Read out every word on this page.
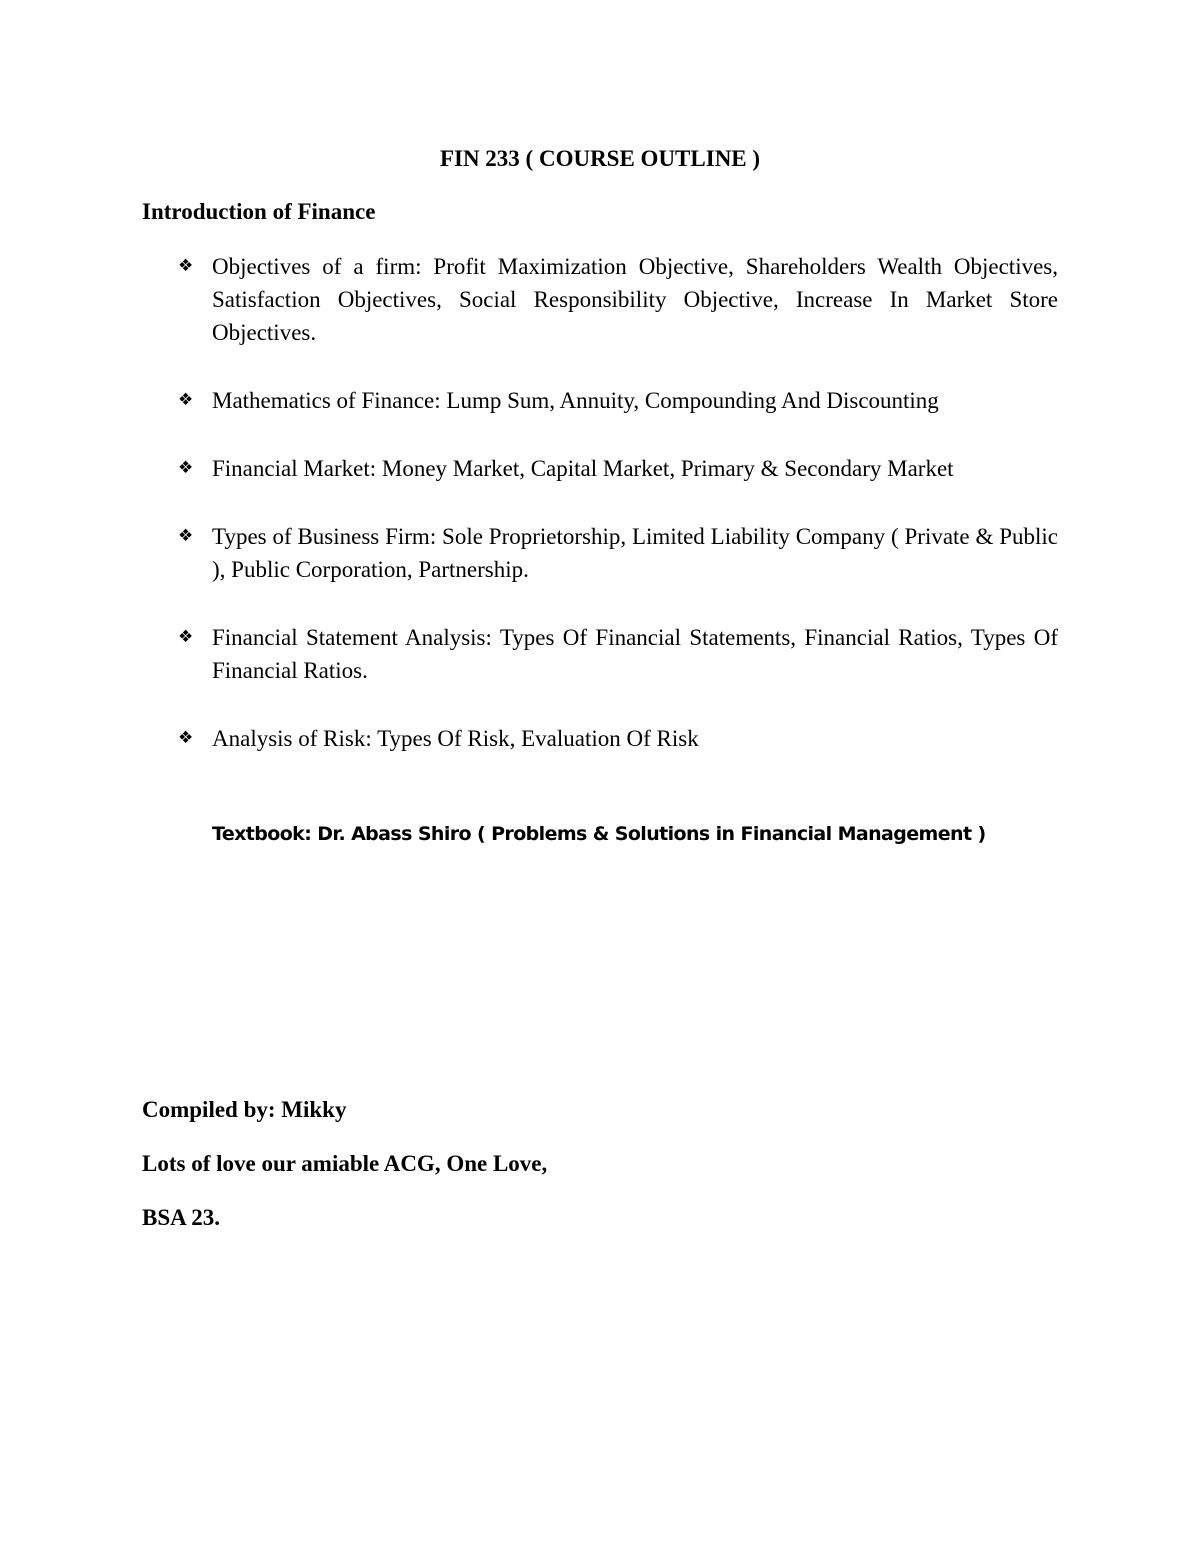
FIN 233 ( COURSE OUTLINE )
Introduction of Finance
❖ Objectives of a firm: Profit Maximization Objective, Shareholders Wealth Objectives, Satisfaction Objectives, Social Responsibility Objective, Increase In Market Store Objectives.
❖ Mathematics of Finance: Lump Sum, Annuity, Compounding And Discounting
❖ Financial Market: Money Market, Capital Market, Primary & Secondary Market
❖ Types of Business Firm: Sole Proprietorship, Limited Liability Company ( Private & Public ), Public Corporation, Partnership.
❖ Financial Statement Analysis: Types Of Financial Statements, Financial Ratios, Types Of Financial Ratios.
❖ Analysis of Risk: Types Of Risk, Evaluation Of Risk
Textbook: Dr. Abass Shiro ( Problems & Solutions in Financial Management )
Compiled by: Mikky
Lots of love our amiable ACG, One Love,
BSA 23.
